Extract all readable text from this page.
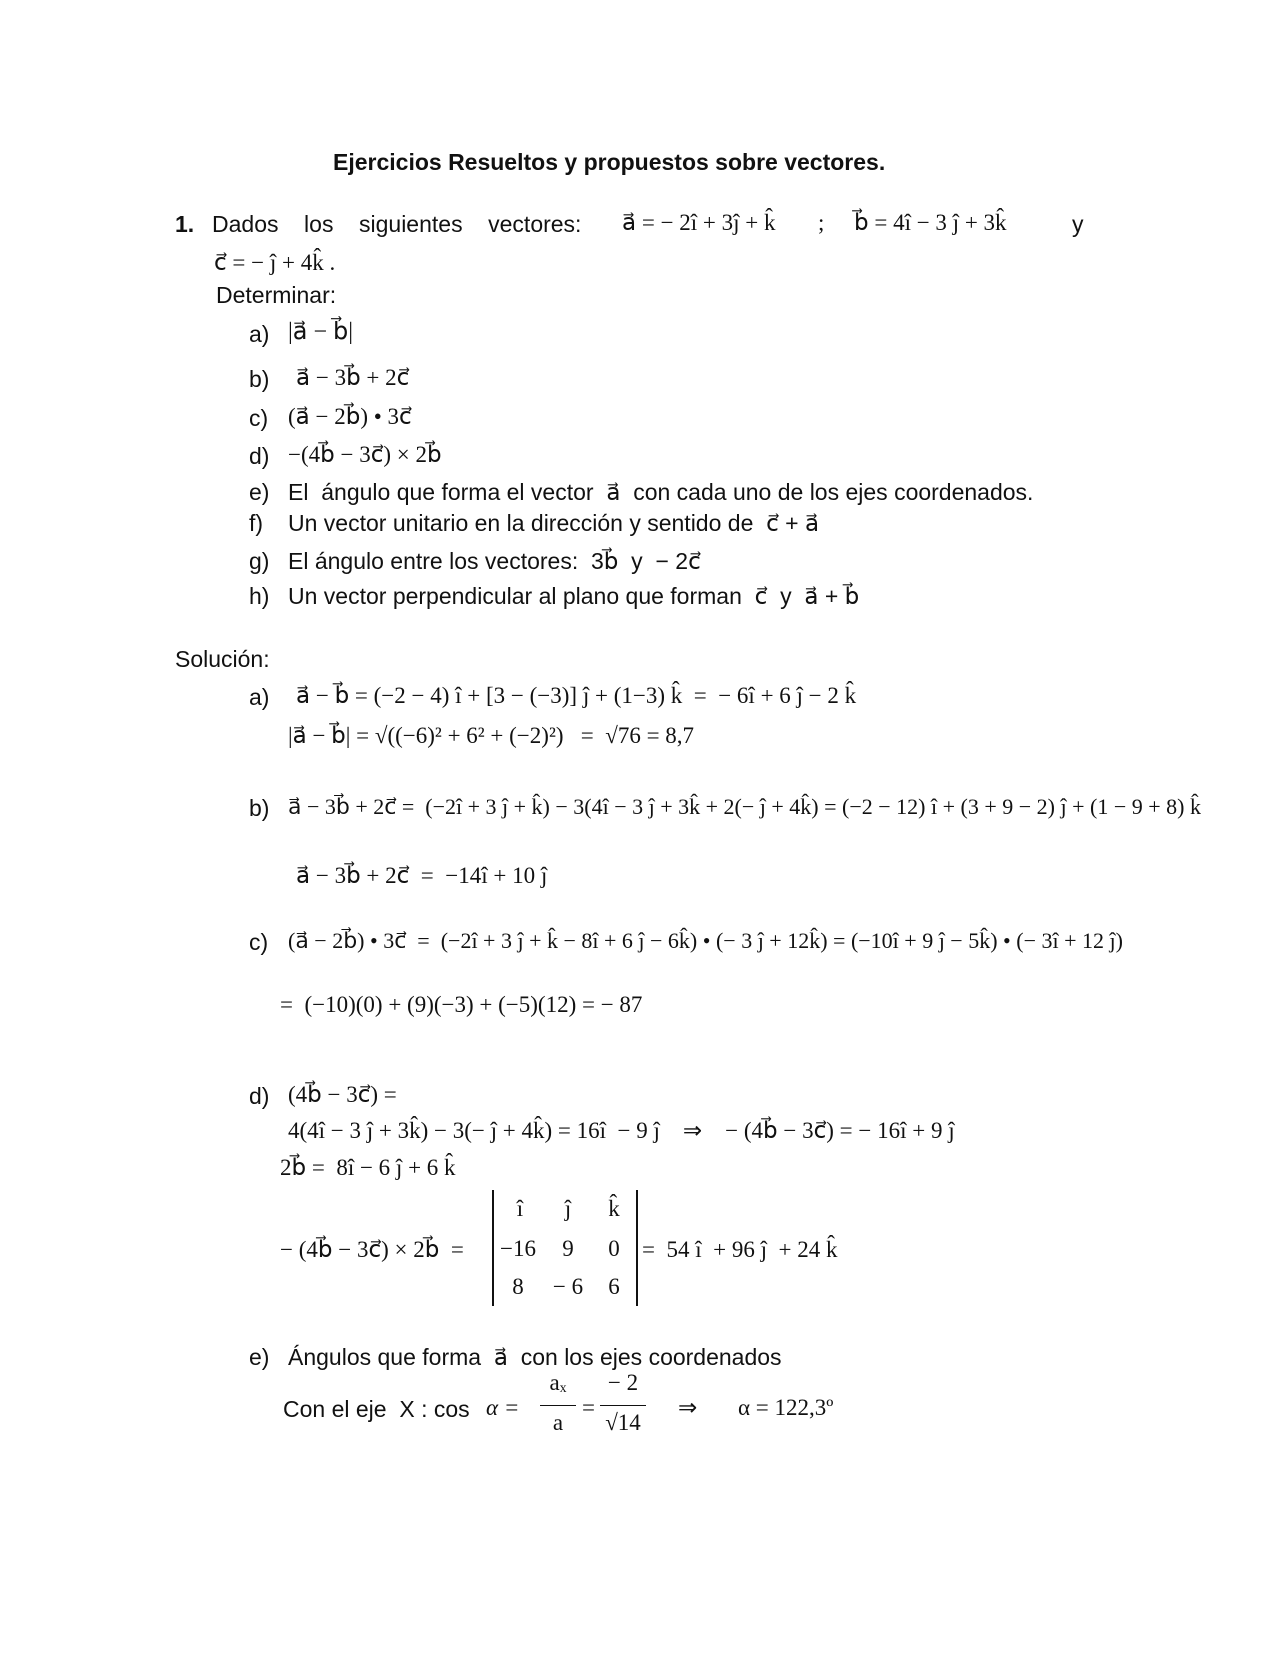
Ejercicios Resueltos y propuestos sobre vectores.
1. Dados    los    siguientes    vectores: a⃗ = − 2î + 3ĵ + k̂ ; b⃗ = 4î − 3 ĵ + 3k̂	y
c⃗ = − ĵ + 4k̂ .
Determinar:
a) |a⃗ − b⃗|
b) a⃗ − 3b⃗ + 2c⃗
c) (a⃗ − 2b⃗) • 3c⃗
d) −(4b⃗ − 3c⃗) × 2b⃗
e) El  ángulo que forma el vector  a⃗  con cada uno de los ejes coordenados.
f) Un vector unitario en la dirección y sentido de  c⃗ + a⃗
g) El ángulo entre los vectores:  3b⃗  y  − 2c⃗
h) Un vector perpendicular al plano que forman  c⃗  y  a⃗ + b⃗
Solución:
a) a⃗ − b⃗ = (−2 − 4) î + [3 − (−3)] ĵ + (1−3) k̂  =  − 6î + 6 ĵ − 2 k̂
|a⃗ − b⃗| = √((−6)² + 6² + (−2)²)   =  √76 = 8,7
b) a⃗ − 3b⃗ + 2c⃗ =  (−2î + 3 ĵ + k̂) − 3(4î − 3 ĵ + 3k̂ + 2(− ĵ + 4k̂) = (−2 − 12) î + (3 + 9 − 2) ĵ + (1 − 9 + 8) k̂
a⃗ − 3b⃗ + 2c⃗  =  −14î + 10 ĵ
c) (a⃗ − 2b⃗) • 3c⃗  =  (−2î + 3 ĵ + k̂ − 8î + 6 ĵ − 6k̂) • (− 3 ĵ + 12k̂) = (−10î + 9 ĵ − 5k̂) • (− 3î + 12 ĵ)
=  (−10)(0) + (9)(−3) + (−5)(12) = − 87
d) (4b⃗ − 3c⃗) =
4(4î − 3 ĵ + 3k̂) − 3(− ĵ + 4k̂) = 16î  − 9 ĵ    ⇒    − (4b⃗ − 3c⃗) = − 16î + 9 ĵ
2b⃗ =  8î − 6 ĵ + 6 k̂
− (4b⃗ − 3c⃗) × 2b⃗  =
î	ĵ	k̂
−16	9	0
8	− 6	6
=  54 î  + 96 ĵ  + 24 k̂
e) Ángulos que forma  a⃗  con los ejes coordenados
Con el eje  X : cos α =
aₓ
a
=
− 2
√14
⇒ α = 122,3º
